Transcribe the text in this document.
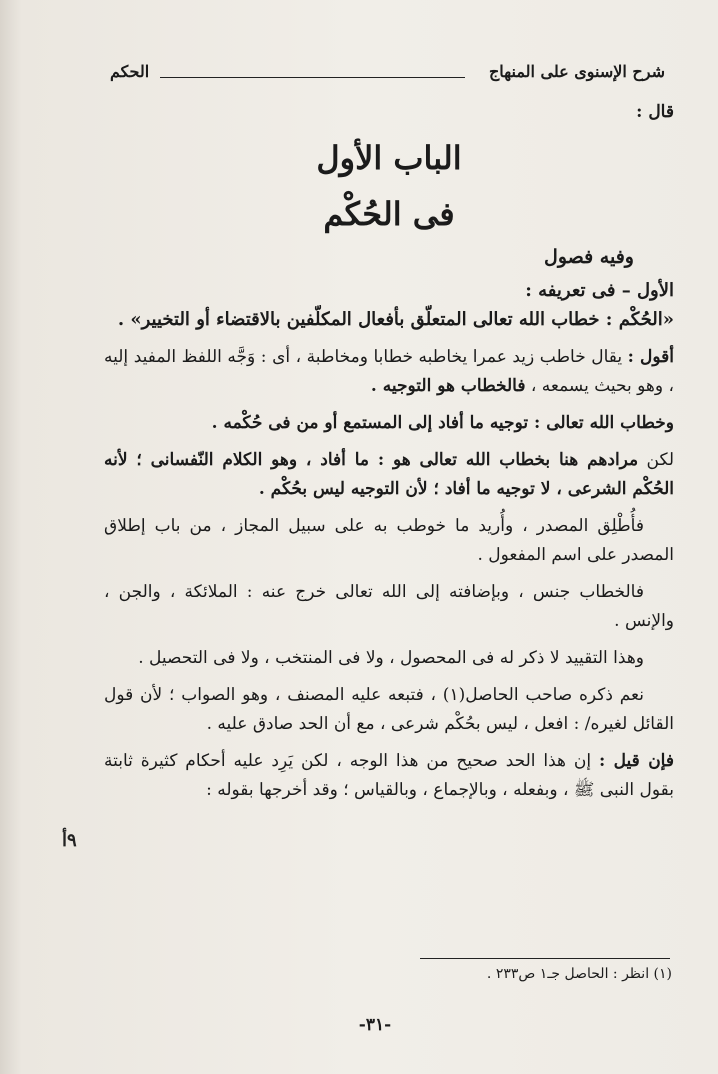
شرح الإسنوى على المنهاج
الحكم

قال :

الباب الأول
فى الحُكْم

وفيه فصول

الأول – فى تعريفه :

«الحُكْم : خطاب الله تعالى المتعلّق بأفعال المكلّفين بالاقتضاء أو التخيير» .

أقول : يقال خاطب زيد عمرا يخاطبه خطابا ومخاطبة ، أى : وَجَّه اللفظ المفيد إليه ، وهو بحيث يسمعه ، فالخطاب هو التوجيه .

وخطاب الله تعالى : توجيه ما أفاد إلى المستمع أو من فى حُكْمه .

لكن مرادهم هنا بخطاب الله تعالى هو : ما أفاد ، وهو الكلام النّفسانى ؛ لأنه الحُكْم الشرعى ، لا توجيه ما أفاد ؛ لأن التوجيه ليس بحُكْم .

فأُطْلِق المصدر ، وأُريد ما خوطب به على سبيل المجاز ، من باب إطلاق المصدر على اسم المفعول .

فالخطاب جنس ، وبإضافته إلى الله تعالى خرج عنه : الملائكة ، والجن ، والإنس .

وهذا التقييد لا ذكر له فى المحصول ، ولا فى المنتخب ، ولا فى التحصيل .

نعم ذكره صاحب الحاصل(١) ، فتبعه عليه المصنف ، وهو الصواب ؛ لأن قول القائل لغيره/ : افعل ، ليس بحُكْم شرعى ، مع أن الحد صادق عليه .

فإن قيل : إن هذا الحد صحيح من هذا الوجه ، لكن يَرِد عليه أحكام كثيرة ثابتة بقول النبى ﷺ ، وبفعله ، وبالإجماع ، وبالقياس ؛ وقد أخرجها بقوله :

٩أ
(١) انظر : الحاصل جـ١ ص٢٣٣ .
-٣١-
